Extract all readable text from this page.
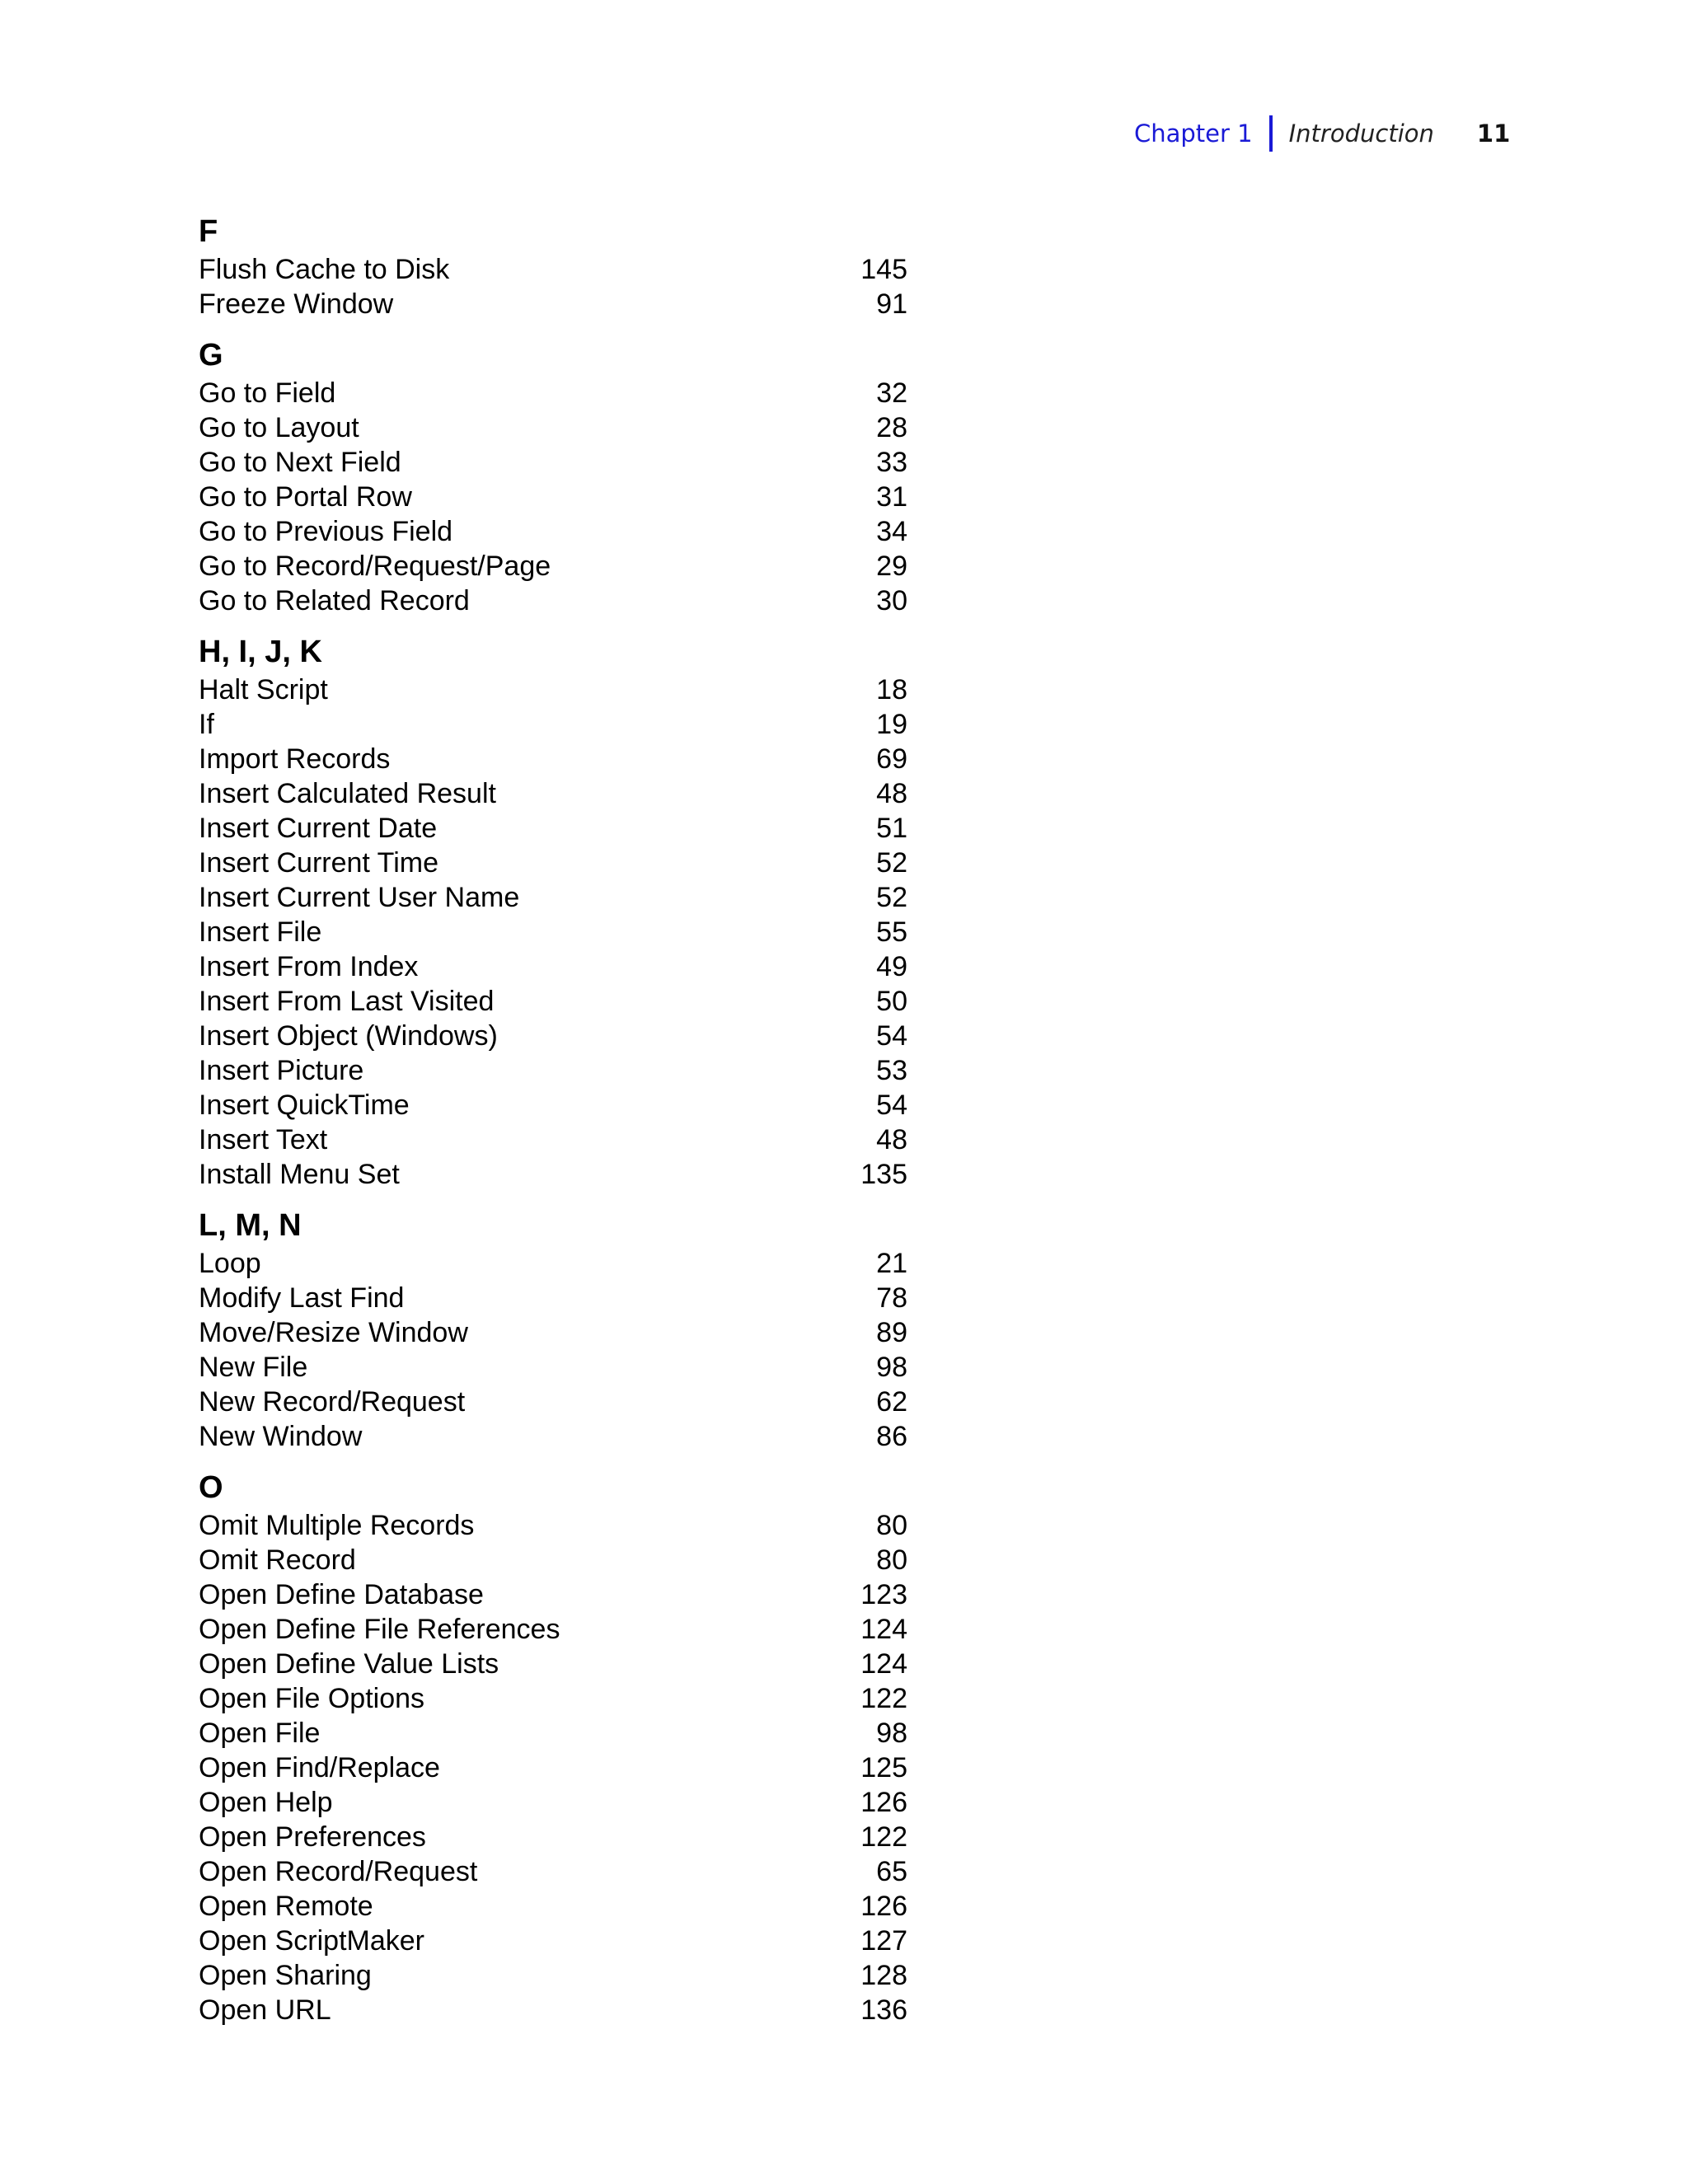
Chapter 1 Introduction 11
F
Flush Cache to Disk	145
Freeze Window	91
G
Go to Field	32
Go to Layout	28
Go to Next Field	33
Go to Portal Row	31
Go to Previous Field	34
Go to Record/Request/Page	29
Go to Related Record	30
H, I, J, K
Halt Script	18
If	19
Import Records	69
Insert Calculated Result	48
Insert Current Date	51
Insert Current Time	52
Insert Current User Name	52
Insert File	55
Insert From Index	49
Insert From Last Visited	50
Insert Object (Windows)	54
Insert Picture	53
Insert QuickTime	54
Insert Text	48
Install Menu Set	135
L, M, N
Loop	21
Modify Last Find	78
Move/Resize Window	89
New File	98
New Record/Request	62
New Window	86
O
Omit Multiple Records	80
Omit Record	80
Open Define Database	123
Open Define File References	124
Open Define Value Lists	124
Open File Options	122
Open File	98
Open Find/Replace	125
Open Help	126
Open Preferences	122
Open Record/Request	65
Open Remote	126
Open ScriptMaker	127
Open Sharing	128
Open URL	136
